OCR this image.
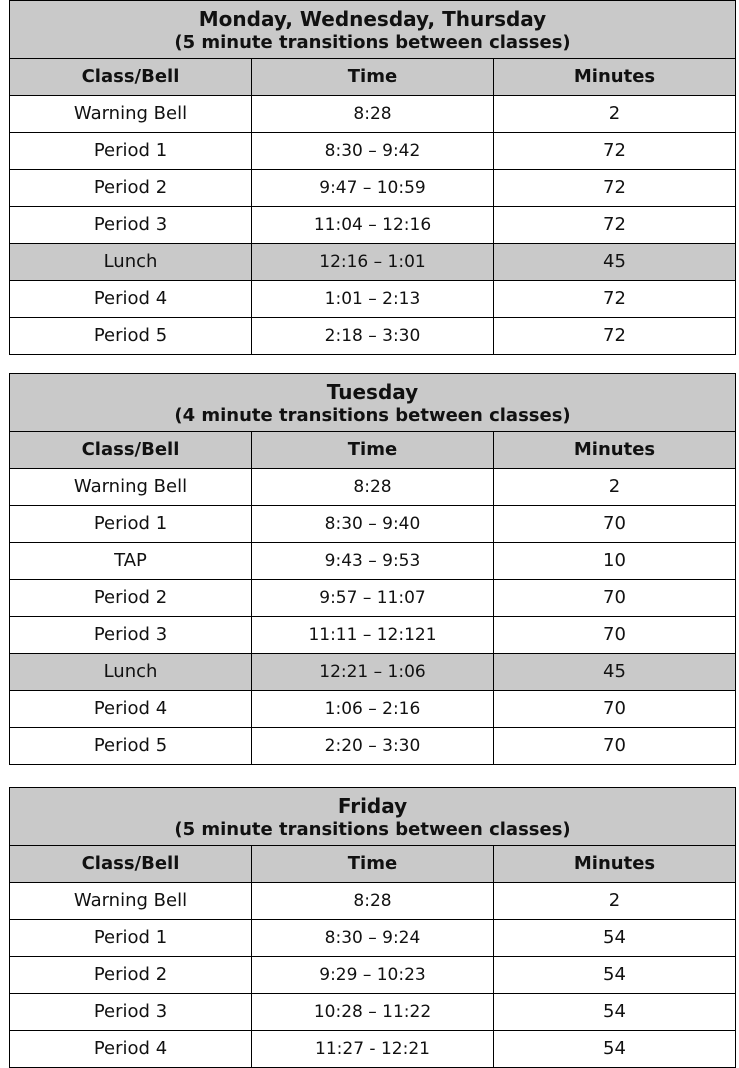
Monday, Wednesday, Thursday
(5 minute transitions between classes)		

Class/Bell	Time	Minutes
Warning Bell	8:28	2
Period 1	8:30 – 9:42	72
Period 2	9:47 – 10:59	72
Period 3	11:04 – 12:16	72
Lunch	12:16 – 1:01	45
Period 4	1:01 – 2:13	72
Period 5	2:18 – 3:30	72
Tuesday
(4 minute transitions between classes)		

Class/Bell	Time	Minutes
Warning Bell	8:28	2
Period 1	8:30 – 9:40	70
TAP	9:43 – 9:53	10
Period 2	9:57 – 11:07	70
Period 3	11:11 – 12:121	70
Lunch	12:21 – 1:06	45
Period 4	1:06 – 2:16	70
Period 5	2:20 – 3:30	70
Friday
(5 minute transitions between classes)		

Class/Bell	Time	Minutes
Warning Bell	8:28	2
Period 1	8:30 – 9:24	54
Period 2	9:29 – 10:23	54
Period 3	10:28 – 11:22	54
Period 4	11:27 - 12:21	54
